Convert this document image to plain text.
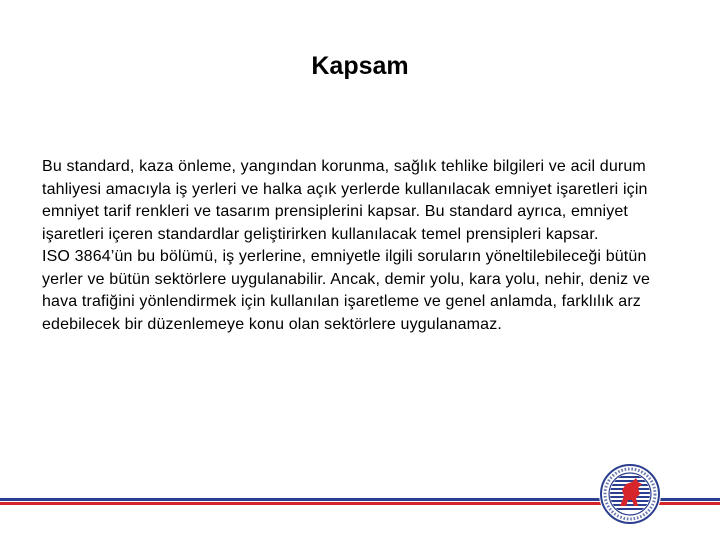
Kapsam

Bu standard, kaza önleme, yangından korunma, sağlık tehlike bilgileri ve acil durum tahliyesi amacıyla iş yerleri ve halka açık yerlerde kullanılacak emniyet işaretleri için emniyet tarif renkleri ve tasarım prensiplerini kapsar. Bu standard ayrıca, emniyet işaretleri içeren standardlar geliştirirken kullanılacak temel prensipleri kapsar.

ISO 3864’ün bu bölümü, iş yerlerine, emniyetle ilgili soruların yöneltilebileceği bütün yerler ve bütün sektörlere uygulanabilir. Ancak, demir yolu, kara yolu, nehir, deniz ve hava trafiğini yönlendirmek için kullanılan işaretleme ve genel anlamda, farklılık arz edebilecek bir düzenlemeye konu olan sektörlere uygulanamaz.
